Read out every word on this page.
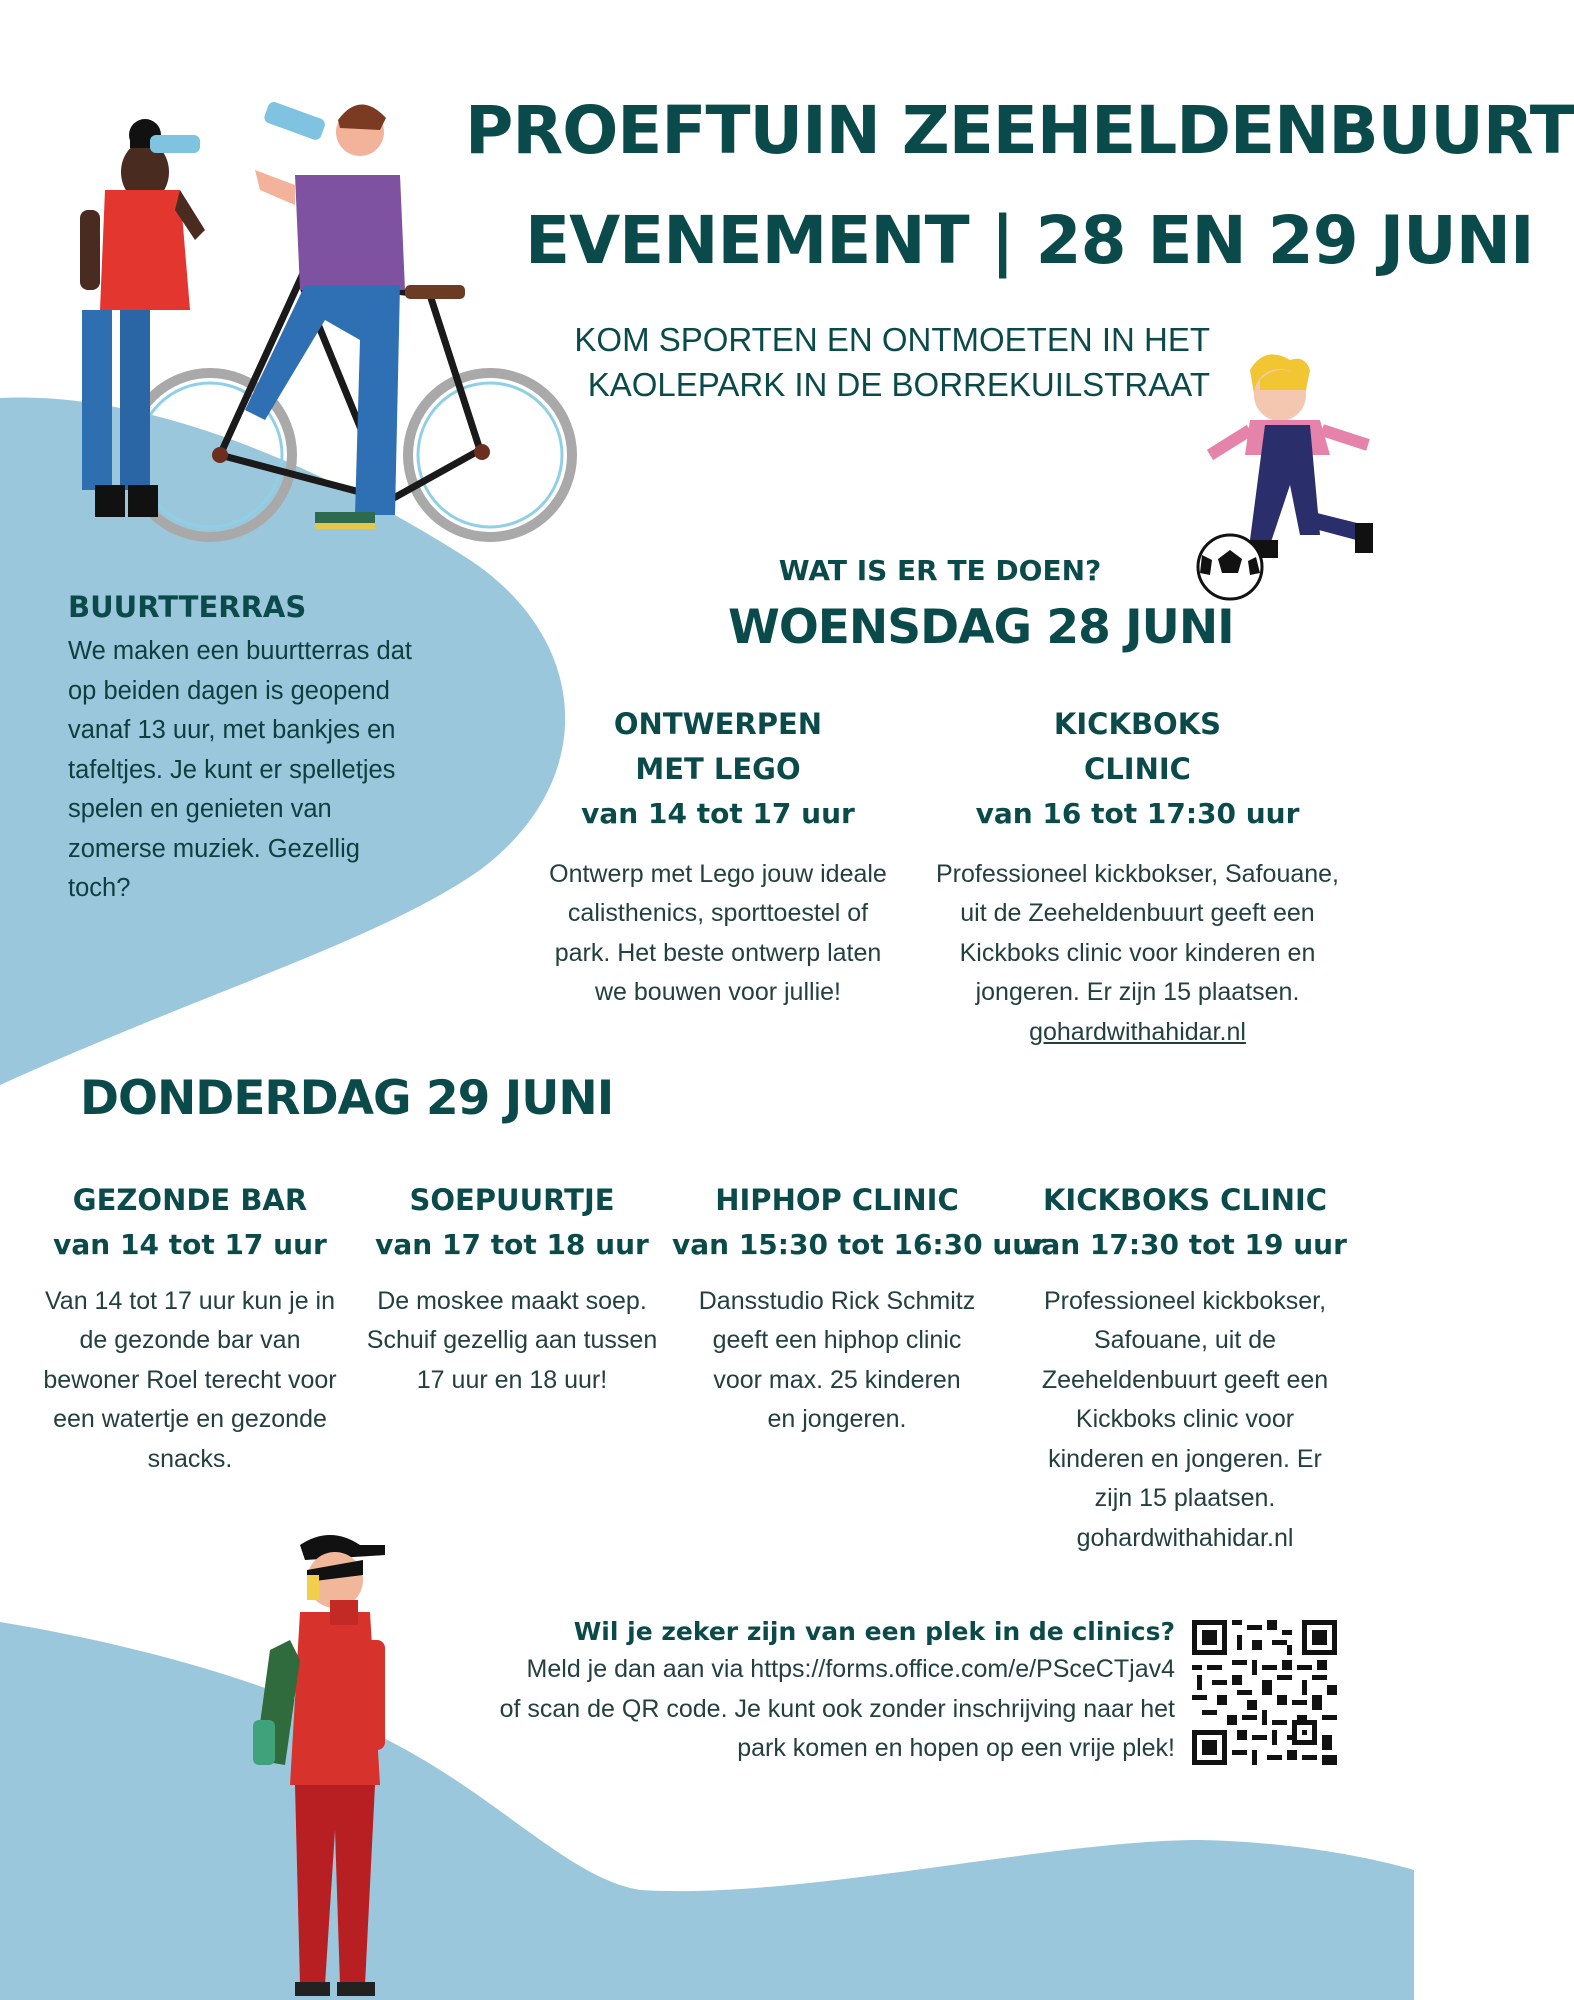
PROEFTUIN ZEEHELDENBUURT
EVENEMENT | 28 EN 29 JUNI
KOM SPORTEN EN ONTMOETEN IN HET
KAOLEPARK IN DE BORREKUILSTRAAT
BUURTTERRAS
We maken een buurtterras dat op beiden dagen is geopend vanaf 13 uur, met bankjes en tafeltjes. Je kunt er spelletjes spelen en genieten van zomerse muziek. Gezellig toch?
WAT IS ER TE DOEN?
WOENSDAG 28 JUNI
ONTWERPEN
MET LEGO
van 14 tot 17 uur
Ontwerp met Lego jouw ideale calisthenics, sporttoestel of park. Het beste ontwerp laten we bouwen voor jullie!
KICKBOKS
CLINIC
van 16 tot 17:30 uur
Professioneel kickbokser, Safouane, uit de Zeeheldenbuurt geeft een Kickboks clinic voor kinderen en jongeren. Er zijn 15 plaatsen.
gohardwithahidar.nl
DONDERDAG 29 JUNI
GEZONDE BAR
van 14 tot 17 uur
Van 14 tot 17 uur kun je in de gezonde bar van bewoner Roel terecht voor een watertje en gezonde snacks.
SOEPUURTJE
van 17 tot 18 uur
De moskee maakt soep. Schuif gezellig aan tussen 17 uur en 18 uur!
HIPHOP CLINIC
van 15:30 tot 16:30 uur
Dansstudio Rick Schmitz geeft een hiphop clinic voor max. 25 kinderen en jongeren.
KICKBOKS CLINIC
van 17:30 tot 19 uur
Professioneel kickbokser, Safouane, uit de Zeeheldenbuurt geeft een Kickboks clinic voor kinderen en jongeren. Er zijn 15 plaatsen.
gohardwithahidar.nl
Wil je zeker zijn van een plek in de clinics?
Meld je dan aan via https://forms.office.com/e/PSceCTjav4
of scan de QR code. Je kunt ook zonder inschrijving naar het
park komen en hopen op een vrije plek!
